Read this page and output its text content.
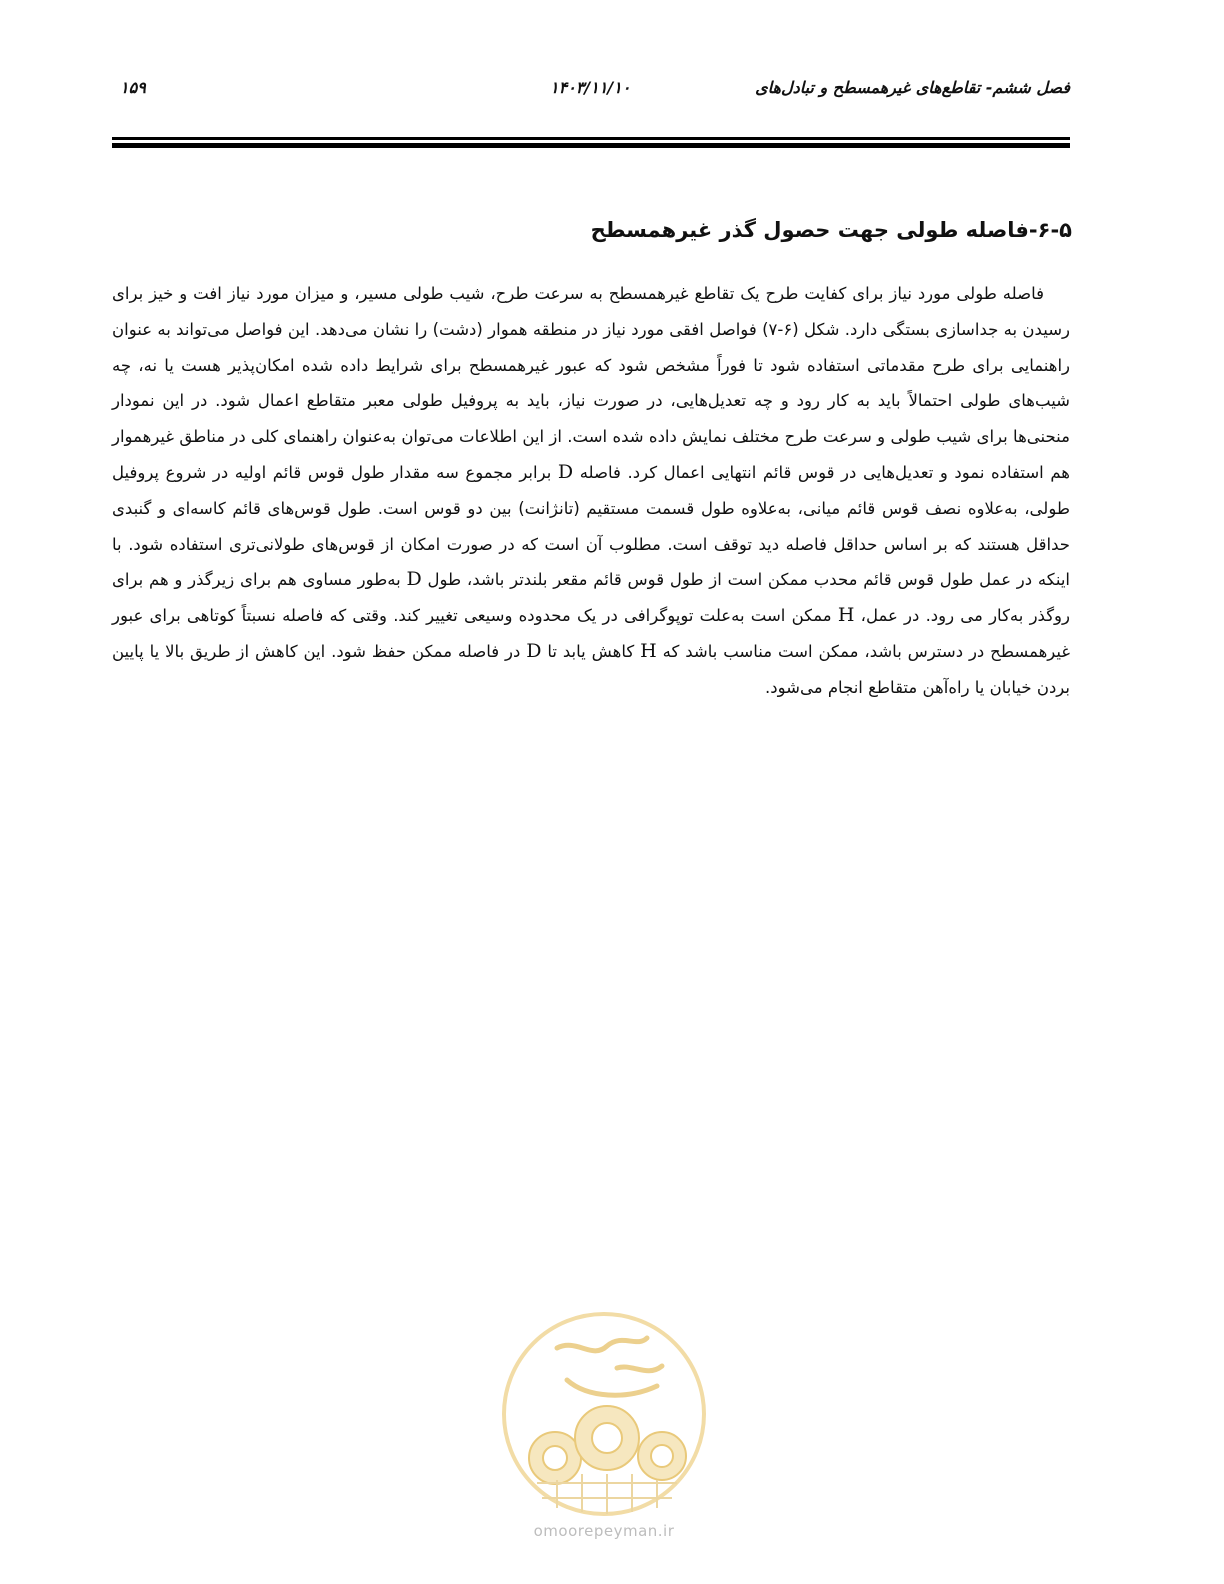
۱۵۹	۱۴۰۳/۱۱/۱۰	فصل ششم- تقاطع‌های غیرهمسطح و تبادل‌های
۶-۵-فاصله طولی جهت حصول گذر غیرهمسطح

فاصله طولی مورد نیاز برای کفایت طرح یک تقاطع غیرهمسطح به سرعت طرح، شیب طولی مسیر، و میزان مورد نیاز افت و خیز برای رسیدن به جداسازی بستگی دارد. شکل (۶-۷) فواصل افقی مورد نیاز در منطقه هموار (دشت) را نشان می‌دهد. این فواصل می‌تواند به عنوان راهنمایی برای طرح مقدماتی استفاده شود تا فوراً مشخص شود که عبور غیرهمسطح برای شرایط داده شده امکان‌پذیر هست یا نه، چه شیب‌های طولی احتمالاً باید به کار رود و چه تعدیل‌هایی، در صورت نیاز، باید به پروفیل طولی معبر متقاطع اعمال شود. در این نمودار منحنی‌ها برای شیب طولی و سرعت طرح مختلف نمایش داده شده است. از این اطلاعات می‌توان به‌عنوان راهنمای کلی در مناطق غیرهموار هم استفاده نمود و تعدیل‌هایی در قوس قائم انتهایی اعمال کرد. فاصله D برابر مجموع سه مقدار طول قوس قائم اولیه در شروع پروفیل طولی، به‌علاوه نصف قوس قائم میانی، به‌علاوه طول قسمت مستقیم (تانژانت) بین دو قوس است. طول قوس‌های قائم کاسه‌ای و گنبدی حداقل هستند که بر اساس حداقل فاصله دید توقف است. مطلوب آن است که در صورت امکان از قوس‌های طولانی‌تری استفاده شود. با اینکه در عمل طول قوس قائم محدب ممکن است از طول قوس قائم مقعر بلندتر باشد، طول D به‌طور مساوی هم برای زیرگذر و هم برای روگذر به‌کار می رود. در عمل، H ممکن است به‌علت توپوگرافی در یک محدوده وسیعی تغییر کند. وقتی که فاصله نسبتاً کوتاهی برای عبور غیرهمسطح در دسترس باشد، ممکن است مناسب باشد که H کاهش یابد تا D در فاصله ممکن حفظ شود. این کاهش از طریق بالا یا پایین بردن خیابان یا راه‌آهن متقاطع انجام می‌شود.

omoorepeyman.ir
